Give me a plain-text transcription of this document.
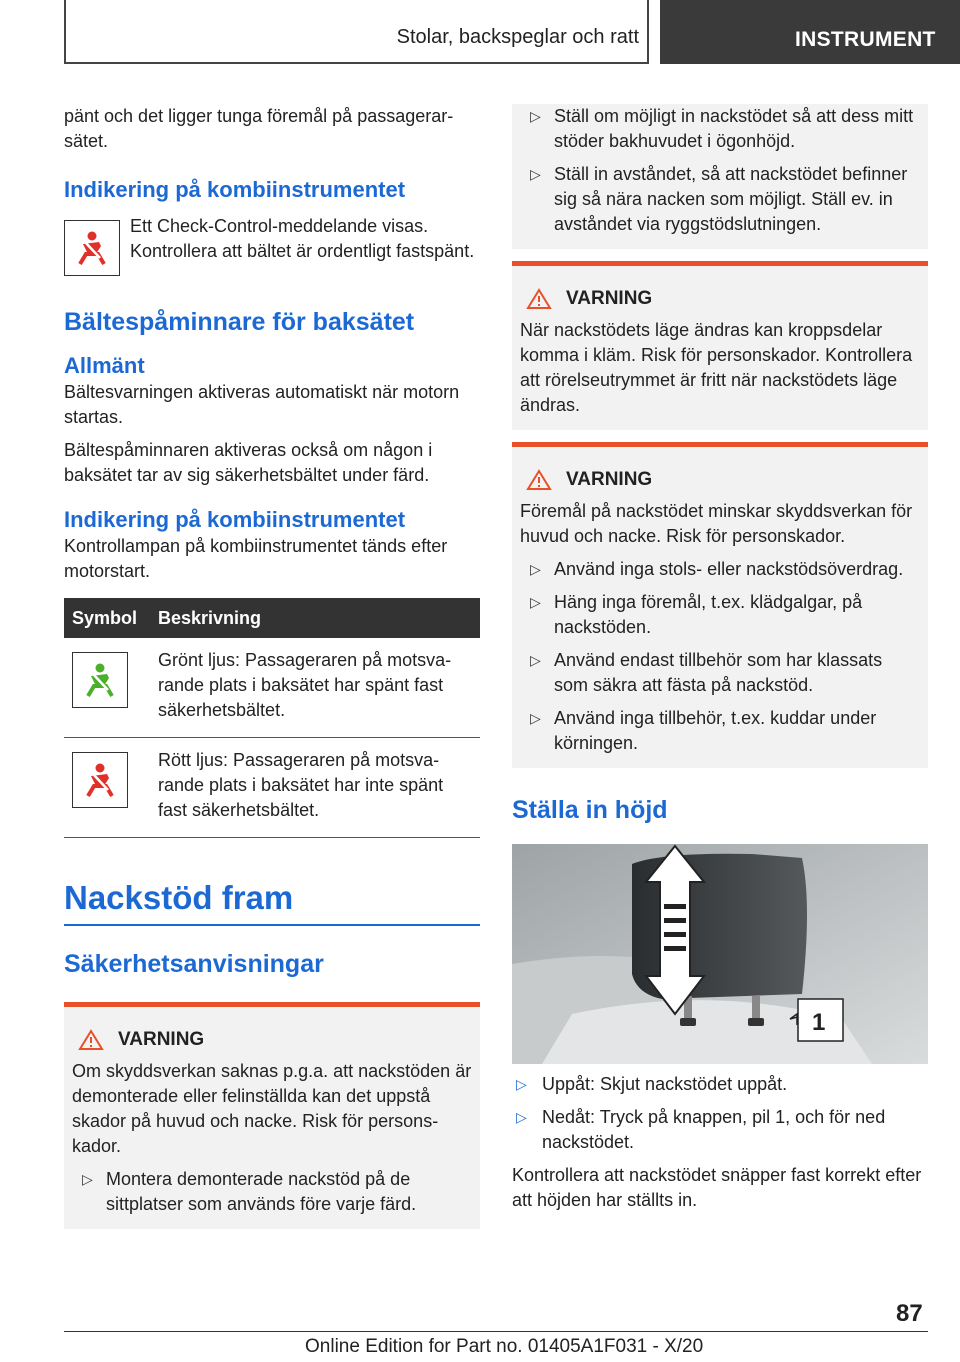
Stolar, backspeglar och ratt	INSTRUMENT

pänt och det ligger tunga föremål på passagerarsätet.

Indikering på kombiinstrumentet

Ett Check-Control-meddelande visas. Kontrollera att bältet är ordentligt fastspänt.

Bältespåminnare för baksätet
Allmänt

Bältesvarningen aktiveras automatiskt när motorn startas.

Bältespåminnaren aktiveras också om någon i baksätet tar av sig säkerhetsbältet under färd.

Indikering på kombiinstrumentet

Kontrollampan på kombiinstrumentet tänds efter motorstart.

Symbol	Beskrivning

	Grönt ljus: Passageraren på motsvarande plats i baksätet har spänt fast säkerhetsbältet.

	Rött ljus: Passageraren på motsvarande plats i baksätet har inte spänt fast säkerhetsbältet.
Nackstöd fram
Säkerhetsanvisningar
VARNING

Om skyddsverkan saknas p.g.a. att nackstöden är demonterade eller felinställda kan det uppstå skador på huvud och nacke. Risk för personskador.

▷ Montera demonterade nackstöd på de sittplatser som används före varje färd.
▷ Ställ om möjligt in nackstödet så att dess mitt stöder bakhuvudet i ögonhöjd.
▷ Ställ in avståndet, så att nackstödet befinner sig så nära nacken som möjligt. Ställ ev. in avståndet via ryggstödslutningen.
VARNING

När nackstödets läge ändras kan kroppsdelar komma i kläm. Risk för personskador. Kontrollera att rörelseutrymmet är fritt när nackstödets läge ändras.

VARNING

Föremål på nackstödet minskar skyddsverkan för huvud och nacke. Risk för personskador.

▷ Använd inga stols- eller nackstödsöverdrag.
▷ Häng inga föremål, t.ex. klädgalgar, på nackstöden.
▷ Använd endast tillbehör som har klassats som säkra att fästa på nackstöd.
▷ Använd inga tillbehör, t.ex. kuddar under körningen.
Ställa in höjd
1
▷ Uppåt: Skjut nackstödet uppåt.
▷ Nedåt: Tryck på knappen, pil 1, och för ned nackstödet.

Kontrollera att nackstödet snäpper fast korrekt efter att höjden har ställts in.

87
Online Edition for Part no. 01405A1F031 - X/20
